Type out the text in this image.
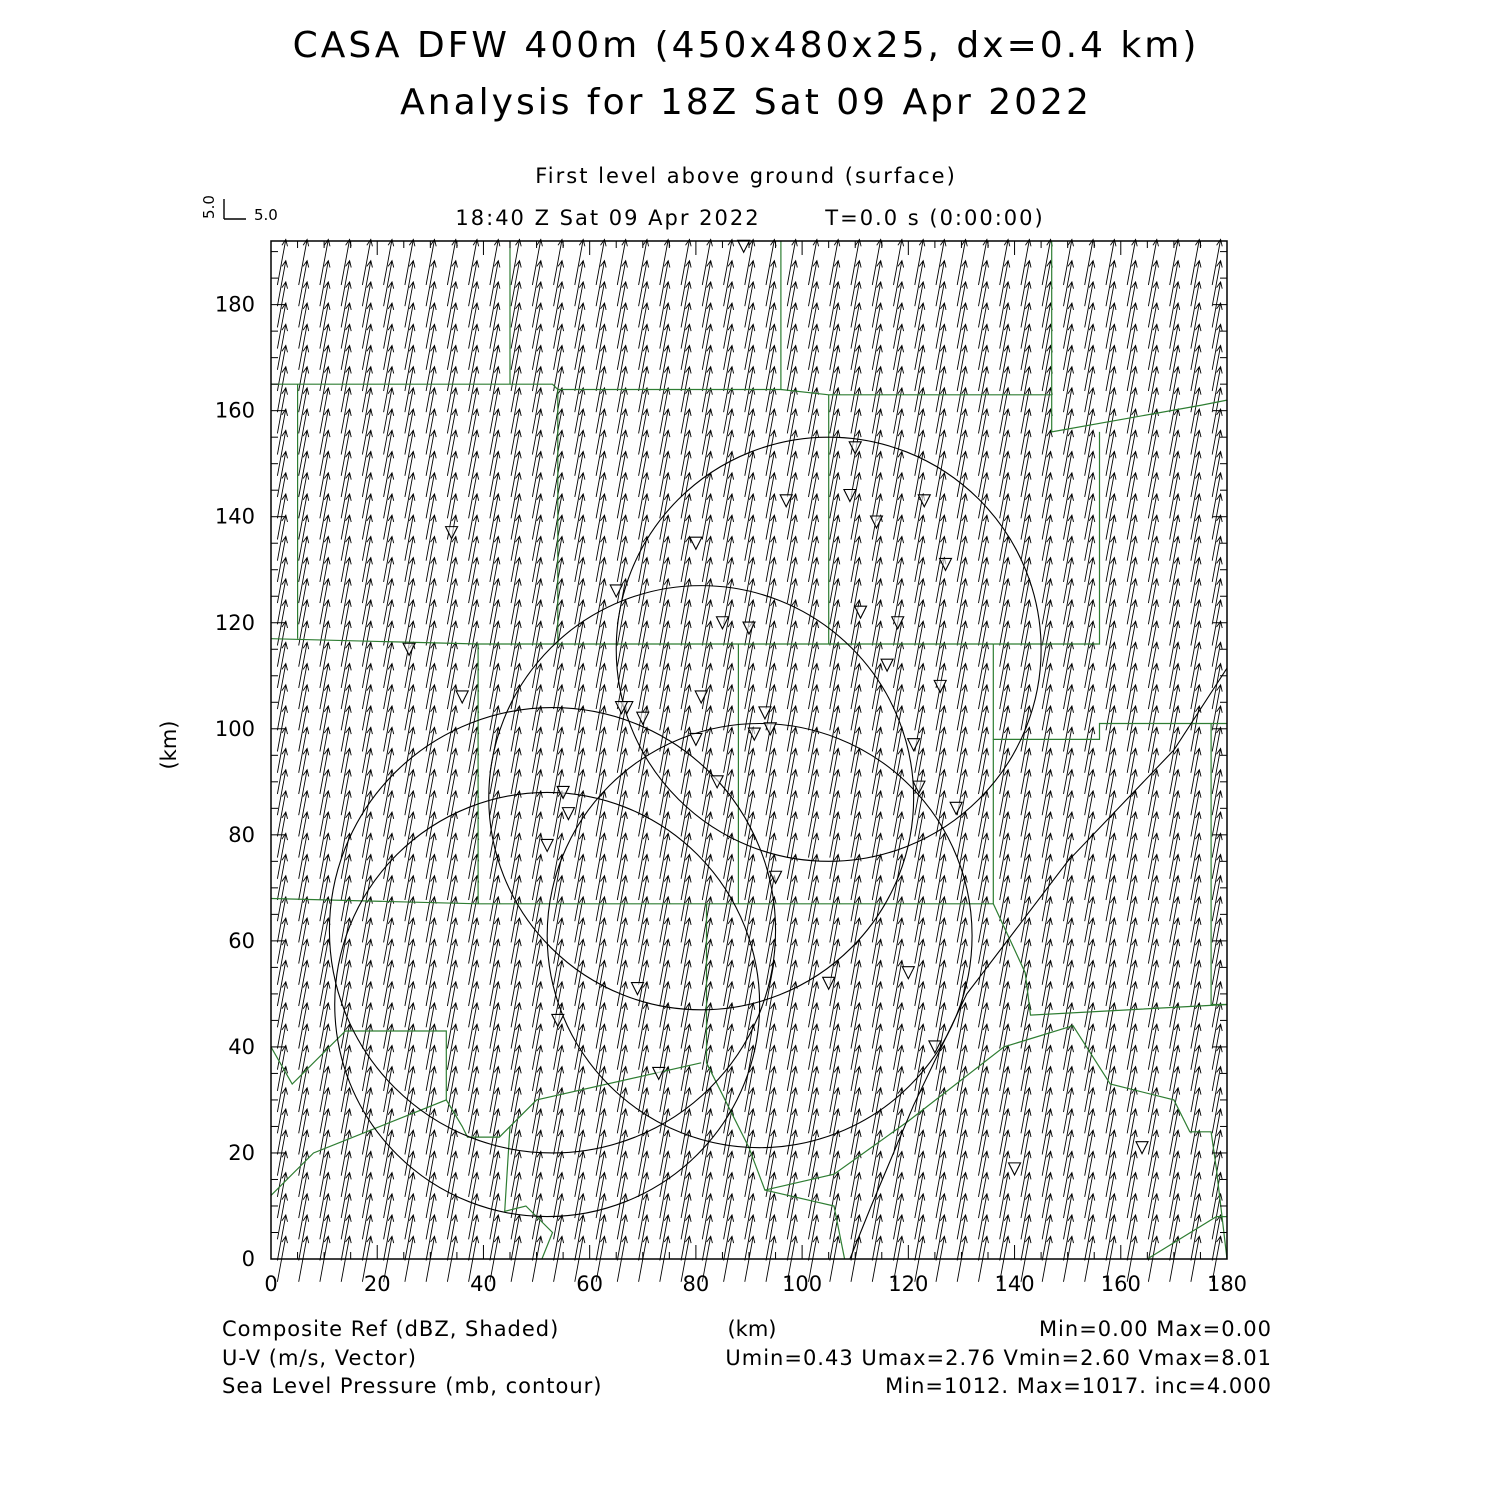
CASA DFW 400m (450x480x25, dx=0.4 km)
Analysis for 18Z Sat 09 Apr 2022
First level above ground (surface)
18:40 Z Sat 09 Apr 2022	T=0.0 s (0:00:00)
5.0
5.0
0	20	40	60	80	100	120	140	160	180
0
20
40
60
80
100
120
140
160
180
(km)
(km)
Composite Ref (dBZ, Shaded)	Min=0.00 Max=0.00
U-V (m/s, Vector)	Umin=0.43 Umax=2.76 Vmin=2.60 Vmax=8.01
Sea Level Pressure (mb, contour)	Min=1012. Max=1017. inc=4.000
